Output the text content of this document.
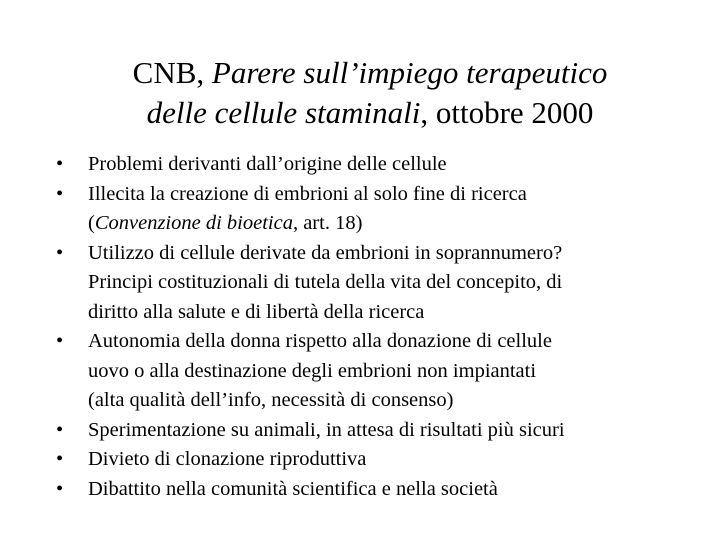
CNB, Parere sull’impiego terapeutico
delle cellule staminali, ottobre 2000
•	Problemi derivanti dall’origine delle cellule
•	Illecita la creazione di embrioni al solo fine di ricerca
(Convenzione di bioetica, art. 18)
•	Utilizzo di cellule derivate da embrioni in soprannumero?
Principi costituzionali di tutela della vita del concepito, di
diritto alla salute e di libertà della ricerca
•	Autonomia della donna rispetto alla donazione di cellule
uovo o alla destinazione degli embrioni non impiantati
(alta qualità dell’info, necessità di consenso)
•	Sperimentazione su animali, in attesa di risultati più sicuri
•	Divieto di clonazione riproduttiva
•	Dibattito nella comunità scientifica e nella società
